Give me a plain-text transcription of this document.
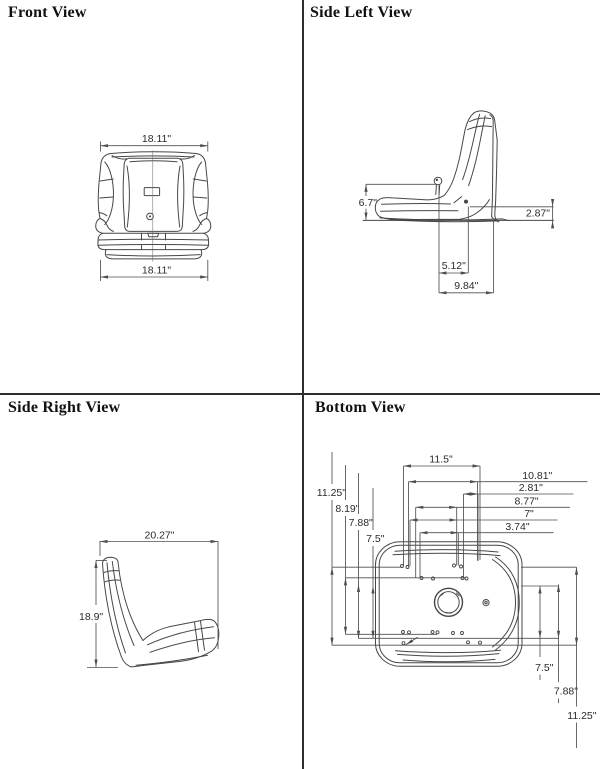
Front View	Side Left View
Side Right View	Bottom View
18.11"
18.11"
6.7"
2.87"
5.12"
9.84"
20.27"
18.9"
11.5"
10.81"
2.81"
8.77"
7"
3.74"
11.25"
8.19"
7.88"
7.5"
7.5"
7.88"
11.25"
